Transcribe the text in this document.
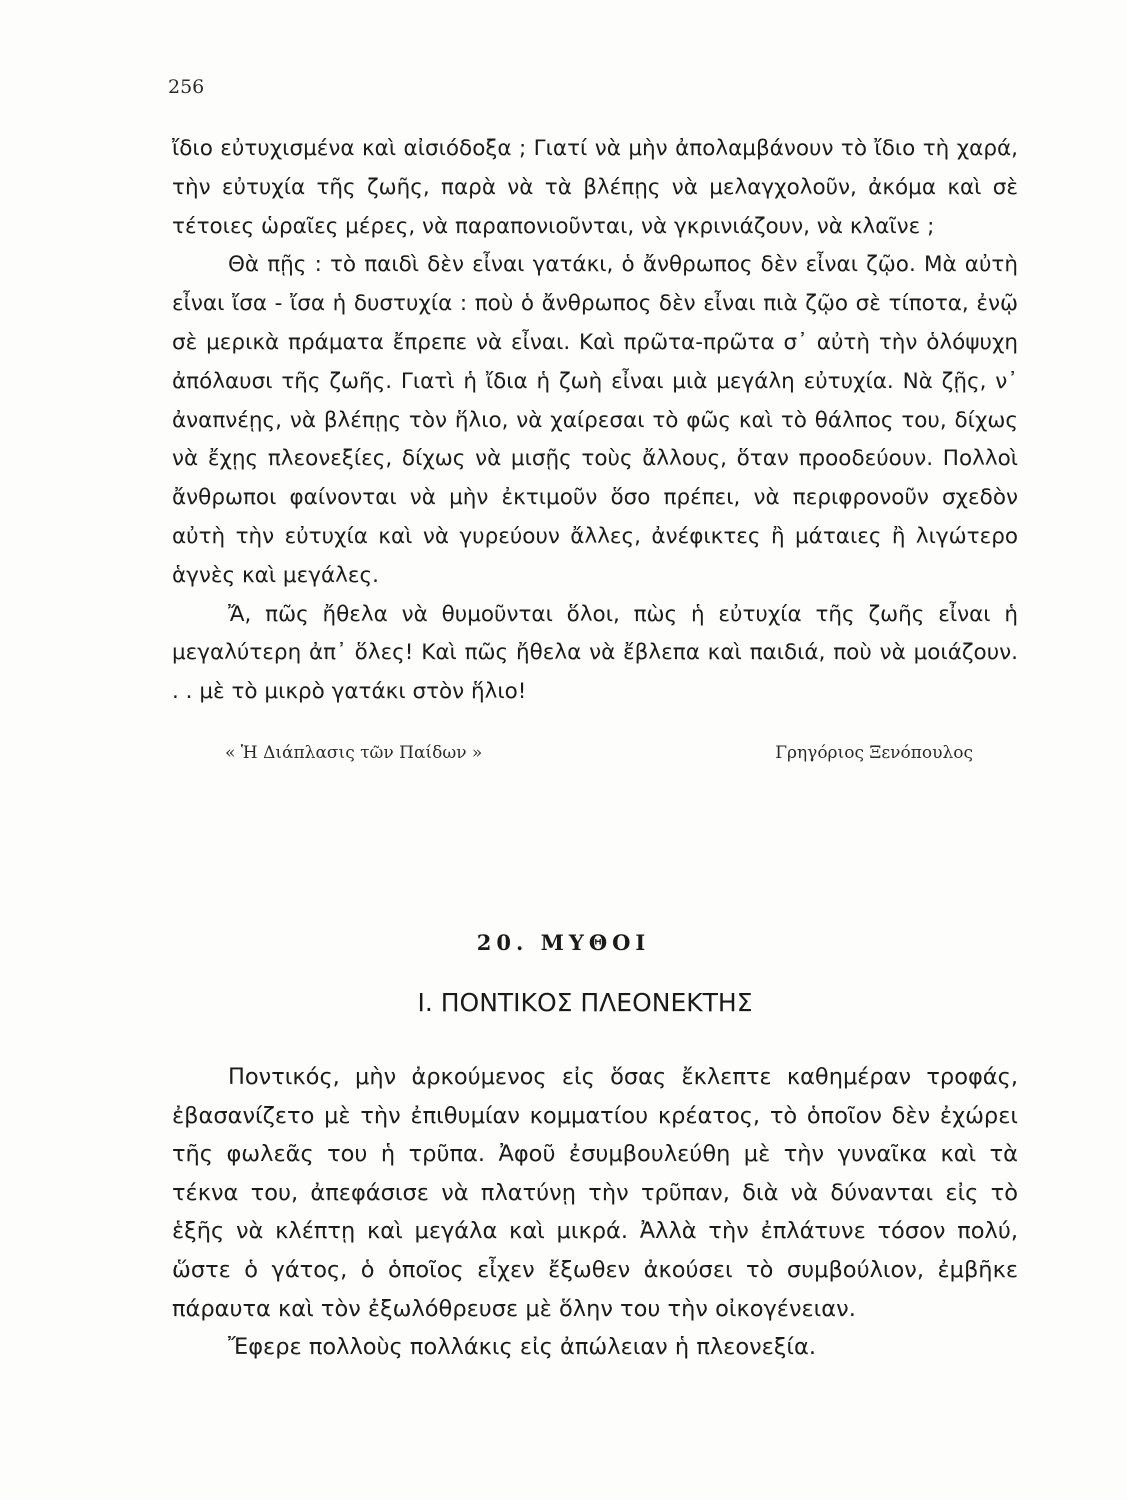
256

ἴδιο εὐτυχισμένα καὶ αἰσιόδοξα ; Γιατί νὰ μὴν ἀπολαμβάνουν τὸ ἴδιο τὴ χαρά, τὴν εὐτυχία τῆς ζωῆς, παρὰ νὰ τὰ βλέπῃς νὰ μελαγχολοῦν, ἀκόμα καὶ σὲ τέτοιες ὡραῖες μέρες, νὰ παραπονιοῦνται, νὰ γκρινιάζουν, νὰ κλαῖνε ;

Θὰ πῇς : τὸ παιδὶ δὲν εἶναι γατάκι, ὁ ἄνθρωπος δὲν εἶναι ζῷο. Μὰ αὐτὴ εἶναι ἴσα - ἴσα ἡ δυστυχία : ποὺ ὁ ἄνθρωπος δὲν εἶναι πιὰ ζῷο σὲ τίποτα, ἐνῷ σὲ μερικὰ πράματα ἔπρεπε νὰ εἶναι. Καὶ πρῶτα-πρῶτα σ᾿ αὐτὴ τὴν ὁλόψυχη ἀπόλαυσι τῆς ζωῆς. Γιατὶ ἡ ἴδια ἡ ζωὴ εἶναι μιὰ μεγάλη εὐτυχία. Νὰ ζῇς, ν᾿ ἀναπνέῃς, νὰ βλέπῃς τὸν ἥλιο, νὰ χαίρεσαι τὸ φῶς καὶ τὸ θάλπος του, δίχως νὰ ἔχῃς πλεονεξίες, δίχως νὰ μισῇς τοὺς ἄλλους, ὅταν προοδεύουν. Πολλοὶ ἄνθρωποι φαίνονται νὰ μὴν ἐκτιμοῦν ὅσο πρέπει, νὰ περιφρονοῦν σχεδὸν αὐτὴ τὴν εὐτυχία καὶ νὰ γυρεύουν ἄλλες, ἀνέφικτες ἢ μάταιες ἢ λιγώτερο ἁγνὲς καὶ μεγάλες.

Ἄ, πῶς ἤθελα νὰ θυμοῦνται ὅλοι, πὼς ἡ εὐτυχία τῆς ζωῆς εἶναι ἡ μεγαλύτερη ἀπ᾿ ὅλες! Καὶ πῶς ἤθελα νὰ ἔβλεπα καὶ παιδιά, ποὺ νὰ μοιάζουν. . . μὲ τὸ μικρὸ γατάκι στὸν ἥλιο!

« Ἡ Διάπλασις τῶν Παίδων »	Γρηγόριος Ξενόπουλος
20. ΜΥΘΟΙ
Ι. ΠΟΝΤΙΚΟΣ ΠΛΕΟΝΕΚΤΗΣ

Ποντικός, μὴν ἀρκούμενος εἰς ὅσας ἔκλεπτε καθημέραν τροφάς, ἐβασανίζετο μὲ τὴν ἐπιθυμίαν κομματίου κρέατος, τὸ ὁποῖον δὲν ἐχώρει τῆς φωλεᾶς του ἡ τρῦπα. Ἀφοῦ ἐσυμβουλεύθη μὲ τὴν γυναῖκα καὶ τὰ τέκνα του, ἀπεφάσισε νὰ πλατύνῃ τὴν τρῦπαν, διὰ νὰ δύνανται εἰς τὸ ἑξῆς νὰ κλέπτῃ καὶ μεγάλα καὶ μικρά. Ἀλλὰ τὴν ἐπλάτυνε τόσον πολύ, ὥστε ὁ γάτος, ὁ ὁποῖος εἶχεν ἔξωθεν ἀκούσει τὸ συμβούλιον, ἐμβῆκε πάραυτα καὶ τὸν ἐξωλόθρευσε μὲ ὅλην του τὴν οἰκογένειαν.

Ἔφερε πολλοὺς πολλάκις εἰς ἀπώλειαν ἡ πλεονεξία.
